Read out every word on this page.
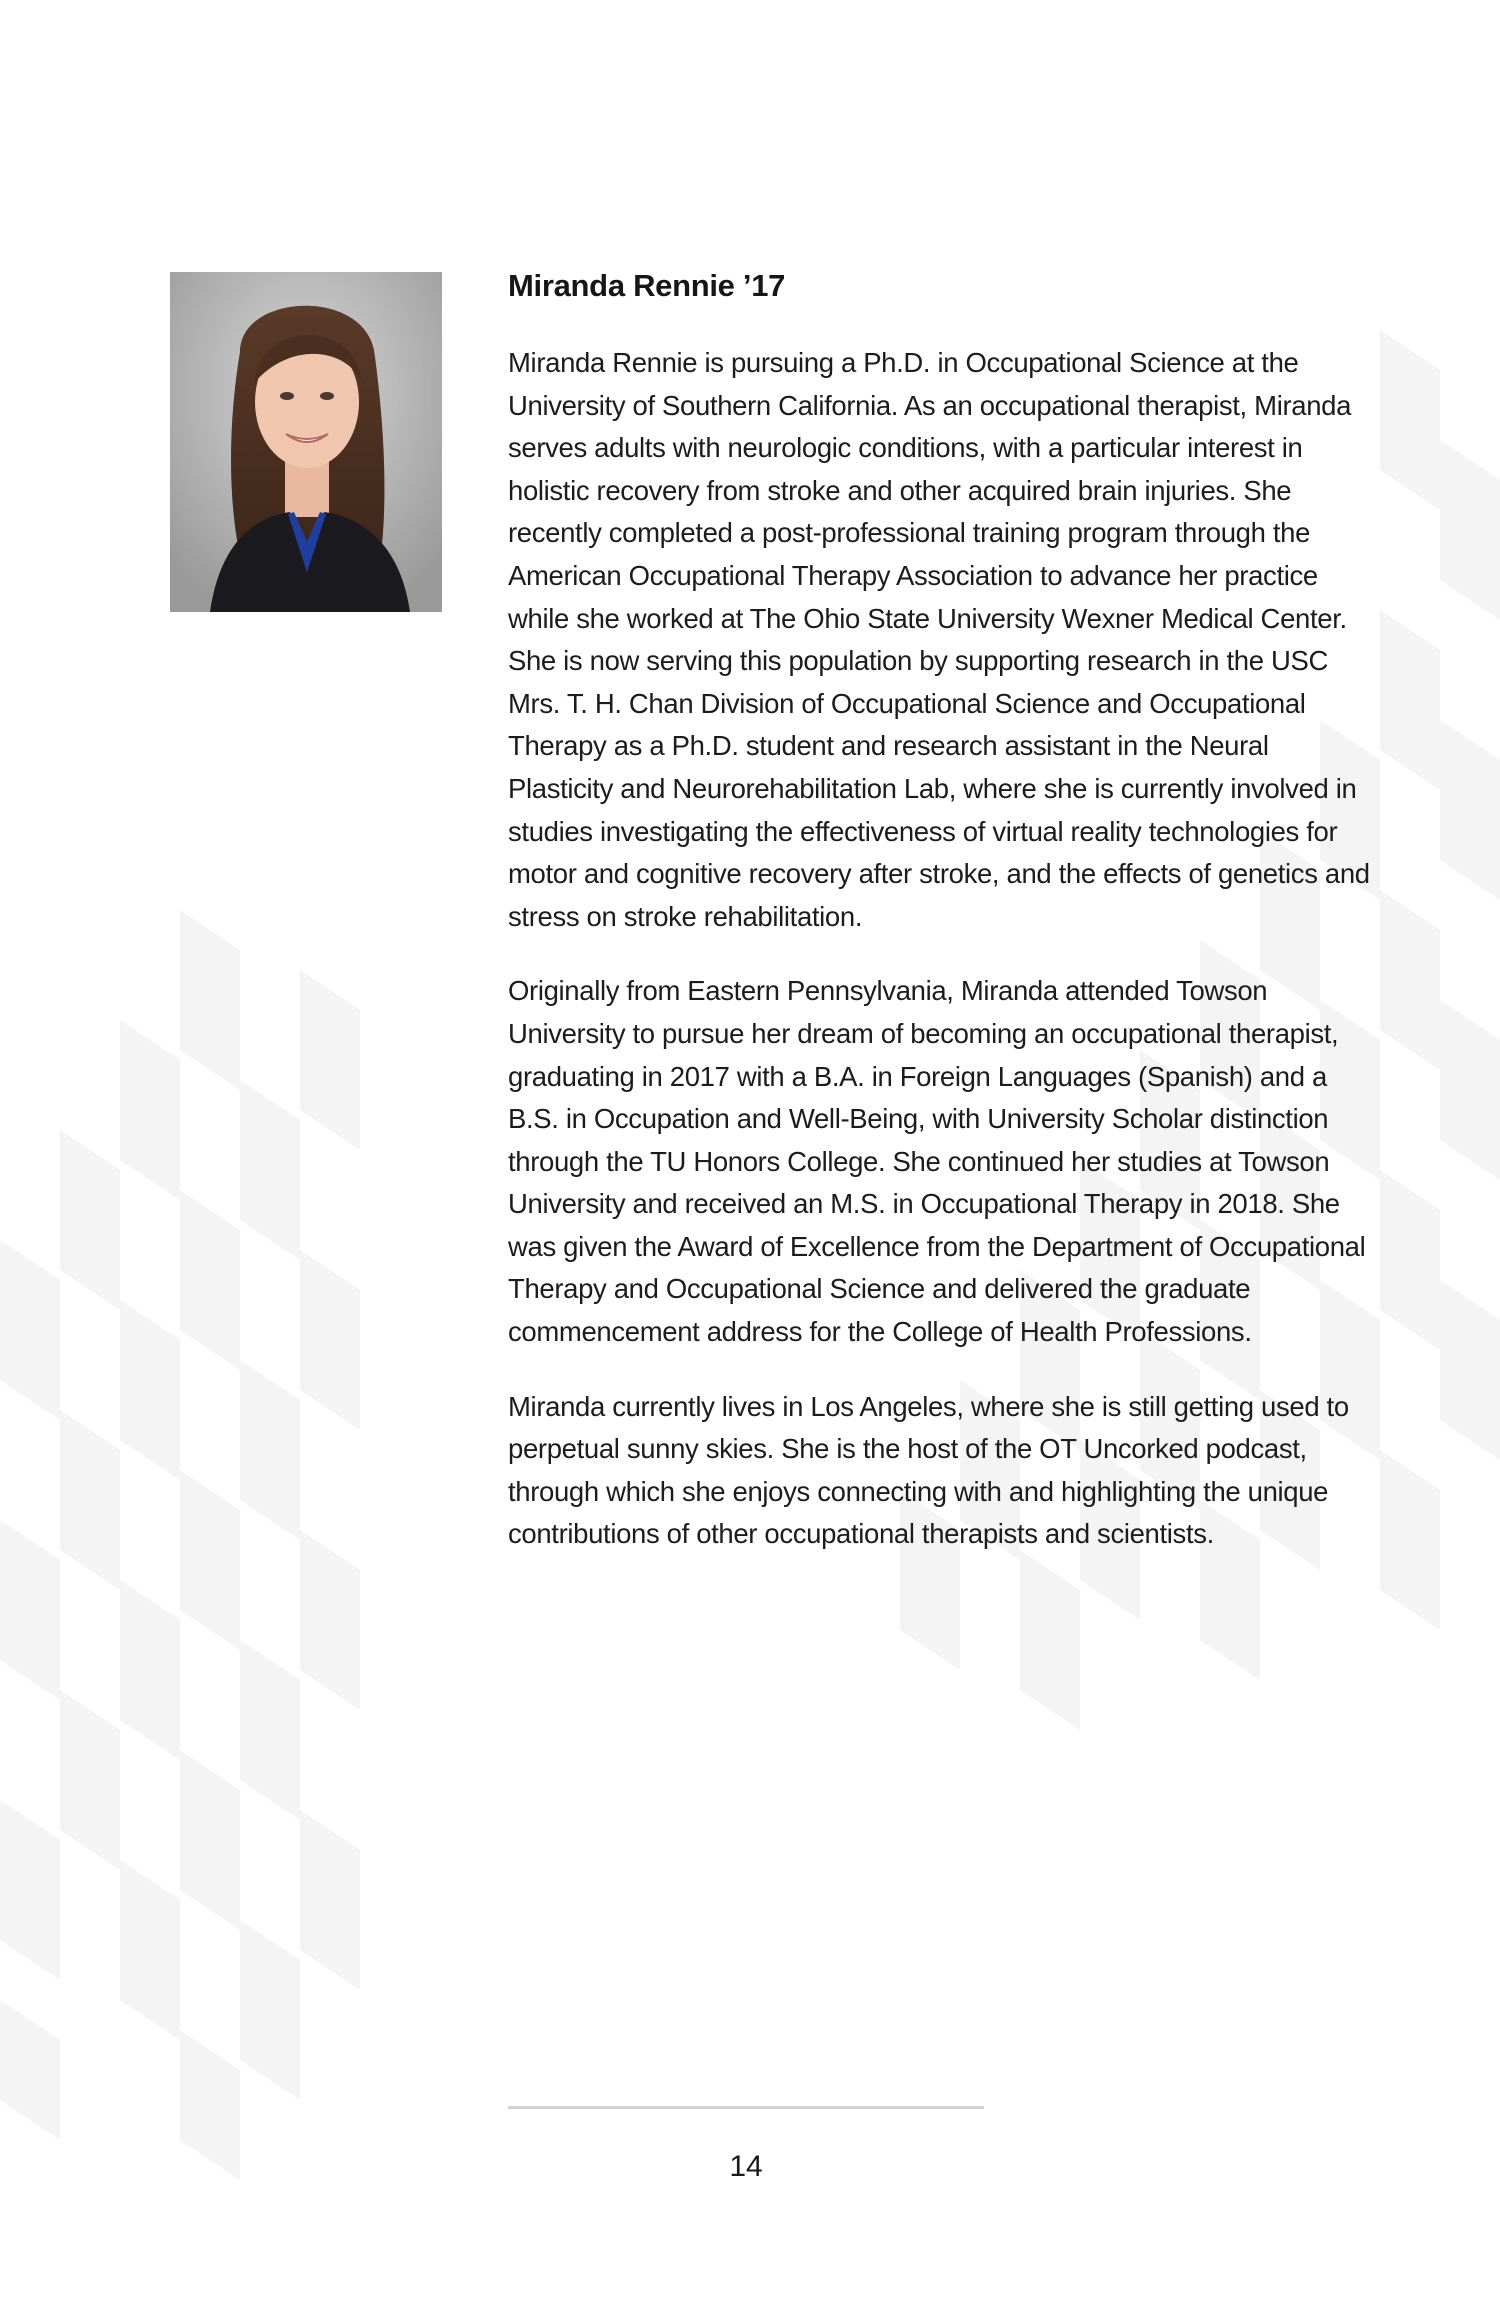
Miranda Rennie ’17

Miranda Rennie is pursuing a Ph.D. in Occupational Science at the University of Southern California. As an occupational therapist, Miranda serves adults with neurologic conditions, with a particular interest in holistic recovery from stroke and other acquired brain injuries. She recently completed a post-professional training program through the American Occupational Therapy Association to advance her practice while she worked at The Ohio State University Wexner Medical Center. She is now serving this population by supporting research in the USC Mrs. T. H. Chan Division of Occupational Science and Occupational Therapy as a Ph.D. student and research assistant in the Neural Plasticity and Neurorehabilitation Lab, where she is currently involved in studies investigating the effectiveness of virtual reality technologies for motor and cognitive recovery after stroke, and the effects of genetics and stress on stroke rehabilitation.

Originally from Eastern Pennsylvania, Miranda attended Towson University to pursue her dream of becoming an occupational therapist, graduating in 2017 with a B.A. in Foreign Languages (Spanish) and a B.S. in Occupation and Well-Being, with University Scholar distinction through the TU Honors College. She continued her studies at Towson University and received an M.S. in Occupational Therapy in 2018. She was given the Award of Excellence from the Department of Occupational Therapy and Occupational Science and delivered the graduate commencement address for the College of Health Professions.

Miranda currently lives in Los Angeles, where she is still getting used to perpetual sunny skies. She is the host of the OT Uncorked podcast, through which she enjoys connecting with and highlighting the unique contributions of other occupational therapists and scientists.

14
